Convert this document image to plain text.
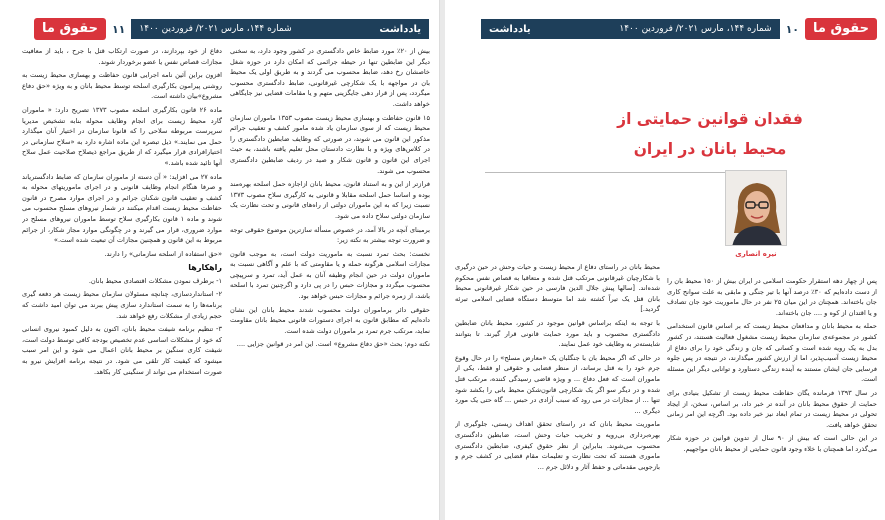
حقوق ما	۱۱	شماره ۱۴۴، مارس ۲۰۲۱/ فروردین ۱۴۰۰	یادداشت

دفاع از خود بپردازند، در صورت ارتکاب قتل با جرح ، باید از معافیت مجازات قصاص نفس یا عضو برخوردار شوند.

افزون براین آئین نامه اجرایی قانون حفاظت و بهسازی محیط زیست به روشنی پیرامون بکارگیری اسلحه توسط محیط بانان و به ویژه «حق دفاع مشروع»بیان داشته است.

ماده ۲۶ قانون بکارگیری اسلحه مصوب ۱۳۷۳ تصریح دارد: « ماموران گارد محیط زیست برای انجام وظایف محوله بنابه تشخیص مدیریا سرپرست مربوطه سلاحی را که قانونا سازمان در اختیار آنان میگذارد حمل می نمایند.» ذیل تبصره این ماده اشاره دارد به «سلاح سازمانی در اختیارافرادی قرار میگیرد که از طریق مراجع ذیصلاح صلاحیت عمل سلاح آنها تائید شده باشد.»

ماده ۲۷ می افزاید: « آن دسته از ماموران سازمان که ضابط دادگستریاند و صرفا هنگام انجام وظایف قانونی و در اجرای ماموریتهای محوله به کشف و تعقیب قانون شکنان جرائم و در اجرای موارد مصرح در قانون حفاظت محیط زیست اقدام میکنند در شمار نیروهای مسلح محسوب می شوند و ماده ۱ قانون بکارگیری سلاح توسط ماموران نیروهای مسلح در موارد ضروری، قرار می گیرند و در چگونگی موارد مجاز شکار، از جرائم مربوط به این قانون و همچنین مجازات آن تبعیت شده است.»

«حق استفاده از اسلحه سازمانی» را دارند.

راهکارها

۱- برطرف نمودن مشکلات اقتصادی محیط بانان.

۲- استانداردسازی، چنانچه مسئولان سازمان محیط زیست هر دفعه گیری برنامه‌ها را به سمت استاندارد سازی پیش ببرند می توان امید داشت که حجم زیادی از مشکلات رفع خواهد شد.

۳- تنظیم برنامه شیفت محیط بانان، اکنون به دلیل کمبود نیروی انسانی که خود از مشکلات اساسی عدم تخصیص بودجه کافی توسط دولت است، شیفت کاری سنگین بر محیط بانان اعمال می شود و این امر سبب میشود که کیفیت کار تلقی می شود. در نتیجه برنامه افزایش نیرو به صورت استخدام می تواند از سنگینی کار بکاهد.

بیش از ۲۰٪ مورد ضابط خاص دادگستری در کشور وجود دارد، به سخنی دیگر این ضابطین تنها در حیطه جرائمی که امکان دارد در حوزه شغل خاصشان رخ دهد، ضابط محسوب می گردند و به طریق اولی یک محیط بان در مواجهه با یک شکارچی غیرقانونی، ضابط دادگستری محسوب میگردد، پس از قرار دهی جایگزینی متهم و یا مقامات قضایی نیز جایگاهی خواهد داشت.

۱۵ قانون حفاظت و بهسازی محیط زیست مصوب ۱۳۵۳ ماموران سازمان محیط زیست که از سوی سازمان یاد شده مامور کشف و تعقیب جرائم مذکور این قانون می شوند، در صورتی که وظایف ضابطین دادگستری را در کلاس‌های ویژه و با نظارت دادستان محل تعلیم یافته باشند، به حیث اجرای این قانون و قانون شکار و صید در ردیف ضابطین دادگستری محسوب می شوند.

فرازتر از این و به استناد قانون، محیط بانان ازاجازه حمل اسلحه بهره‌مند بوده و اساسا حمل اسلحه مقابلا و قانونی به کارگیری سلاح مصوب ۱۳۷۳ نسبت زیرا که به این ماموران دولتی از راه‌های قانونی و تحت نظارت یک سازمان دولتی سلاح داده می شود.

برمبنای آنچه در بالا آمد، در خصوص مسأله سازترین موضوع حقوقی توجه و ضرورت توجه بیشتر به نکته زیر:

نخست: بحث تمرد نسبت به ماموریت دولت است، به موجب قانون مجازات اسلامی هرگونه حمله و یا مقاومتی که با علم و آگاهی نسبت به ماموران دولت در حین انجام وظیفه آنان به عمل آید، تمرد و سرپیچی محسوب میگردد و مجازات حبس را در پی دارد و اگرچنین تمرد با اسلحه باشد، از زمره جرائم و مجازات حبس خواهد بود.

حقوقی دائر برماموران دولت محسوب شدند محیط بانان این نشان داده‌ایم که مطابق قانون به اجرای دستورات قانونی محیط بانان مقاومت نماید، مرتکب جرم تمرد بر ماموران دولت شده است.

نکته دوم: بحث «حق دفاع مشروع» است. این امر در قوانین جزایی ....

یادداشت	شماره ۱۴۴، مارس ۲۰۲۱/ فروردین ۱۴۰۰	۱۰	حقوق ما
فقدان قوانین حمایتی از
محیط بانان در ایران
نیره انصاری

پس از چهار دهه استقرار حکومت اسلامی در ایران بیش از ۱۵۰ محیط بان را از دست داده‌ایم که ۳۰٪ درصد آنها با تیر جنگی و مابقی به علت سوانح کاری جان باخته‌اند. همچنان در این میان ۲۵ نفر در حال ماموریت خود جان تصادف و یا اقتدان از کوه و .... جان باخته‌اند.

حمله به محیط بانان و مدافعان محیط زیست که بر اساس قانون استخدامی کشور در مجموعه‌ی سازمان محیط زیست مشغول فعالیت هستند، در کشور بدل به یک رویه شده است و کسانی که جان و زندگی خود را برای دفاع از محیط زیست آسیب‌پذیر، اما از ارزش کشور میگذارند، در نتیجه در پس جلوه فرسایی جان ایشان مستند به آینده زندگی دستاورد و توانایی دیگر این مسئله است.

در سال ۱۳۹۳ فرمانده یگان حفاظت محیط زیست از تشکیل بنیادی برای حمایت از حقوق محیط بانان در آنده تر خبر داد، بر اساس، سخن، از ایجاد تحولی در محیط زیست در تمام ابعاد نیز خبر داده بود. اگرچه این امر زمانی تحقق خواهد یافت.

در این حالی است که بیش از ۹۰ سال از تدوین قوانین در حوزه شکار می‌گذرد اما همچنان با خلاء وجود قانون حمایتی از محیط بانان مواجهیم.

محیط بانان در راستای دفاع از محیط زیست و حیات وحش در حین درگیری با شکارچیان غیرقانونی مرتکب قتل شده و متعاقبا به قصاص نفس محکوم شده‌اند. [سالها پیش جلال الدین فارسی در حین شکار غیرقانونی محیط بانان قتل یک تیراً کشته شد اما متوسط دستگاه قضایی اسلامی تبرئه گردید.]

با توجه به اینکه براساس قوانین موجود در کشور، محیط بانان ضابطین دادگستری محسوب و باید مورد حمایت قانونی قرار گیرند. تا بتوانند شایسته‌تر به وظایف خود عمل نمایند.

در حالی که اگر محیط بان با جنگلبان یک «معارض مسلح» را در حال وقوع جرم خود را به قتل برساند، از منظر قضایی و حقوقی او فقط، یکی از ماموران است که فعل دفاع ... و ویژه قاضی رسیدگی کننده، مرتکب قتل شده و در دیگر سو اگر یک شکارچی قانون‌شکن محیط بانی را بکشد شود تنها ... از مجازات در می رود که سبب آزادی در حبس ... گاه حتی یک مورد دیگری ...

ماموریت محیط بانان که در راستای تحقق اهداف زیستی، جلوگیری از بهره‌برداری بی‌رویه و تخریب حیات وحش است، ضابطین دادگستری محسوب می‌شوند. بنابراین از نظر حقوق کیفری، ضابطین دادگستری ماموری هستند که تحت نظارت و تعلیمات مقام قضایی در کشف جرم و بازجویی مقدماتی و حفظ آثار و دلائل جرم ...
